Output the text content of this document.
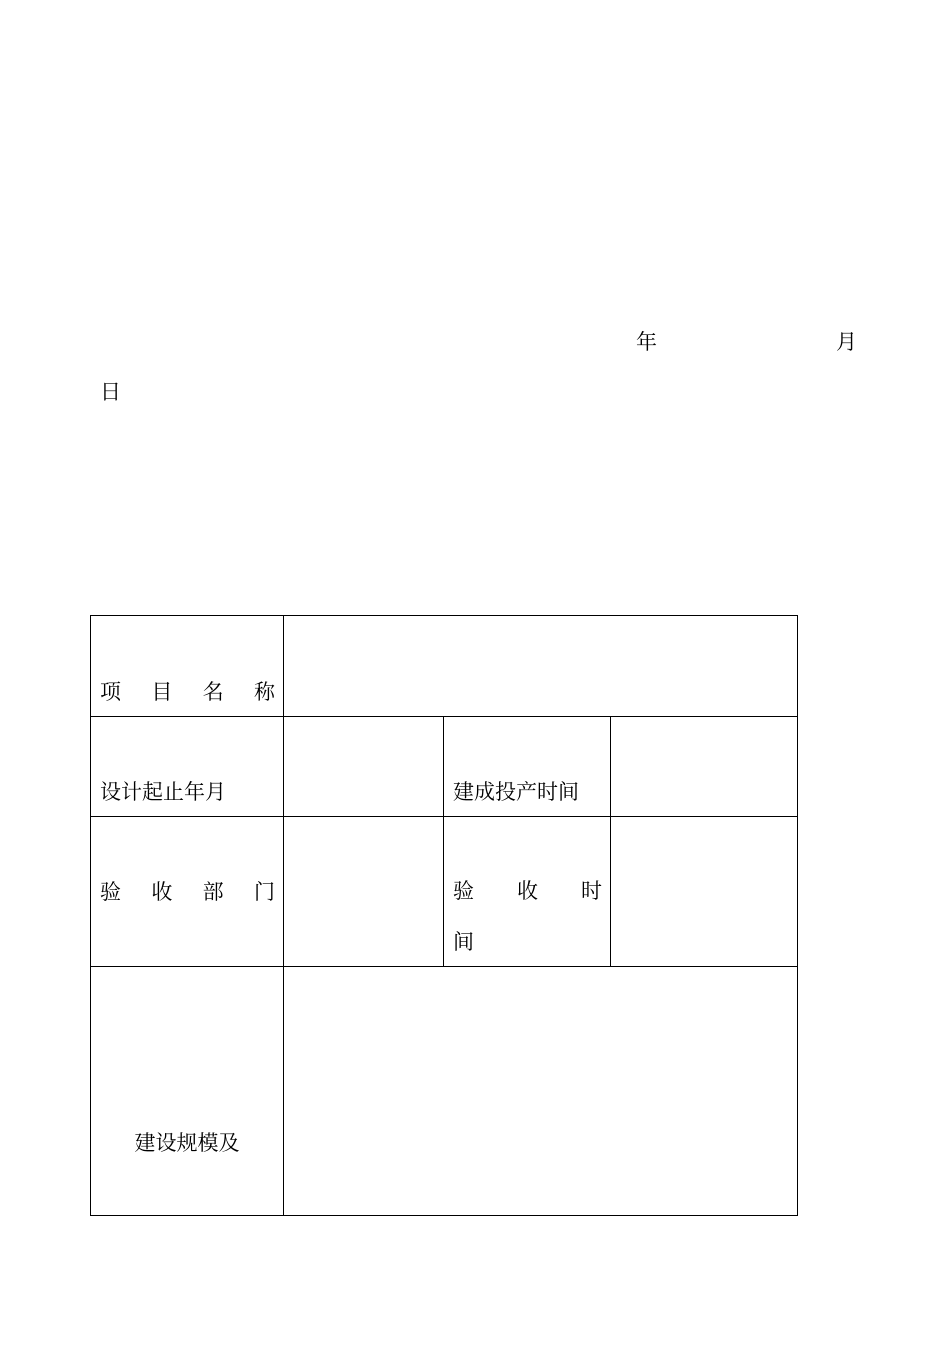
年	月
日
项 目 名 称			

设计起止年月		建成投产时间	

验 收 部 门		验 收 时
间	

建设规模及			
